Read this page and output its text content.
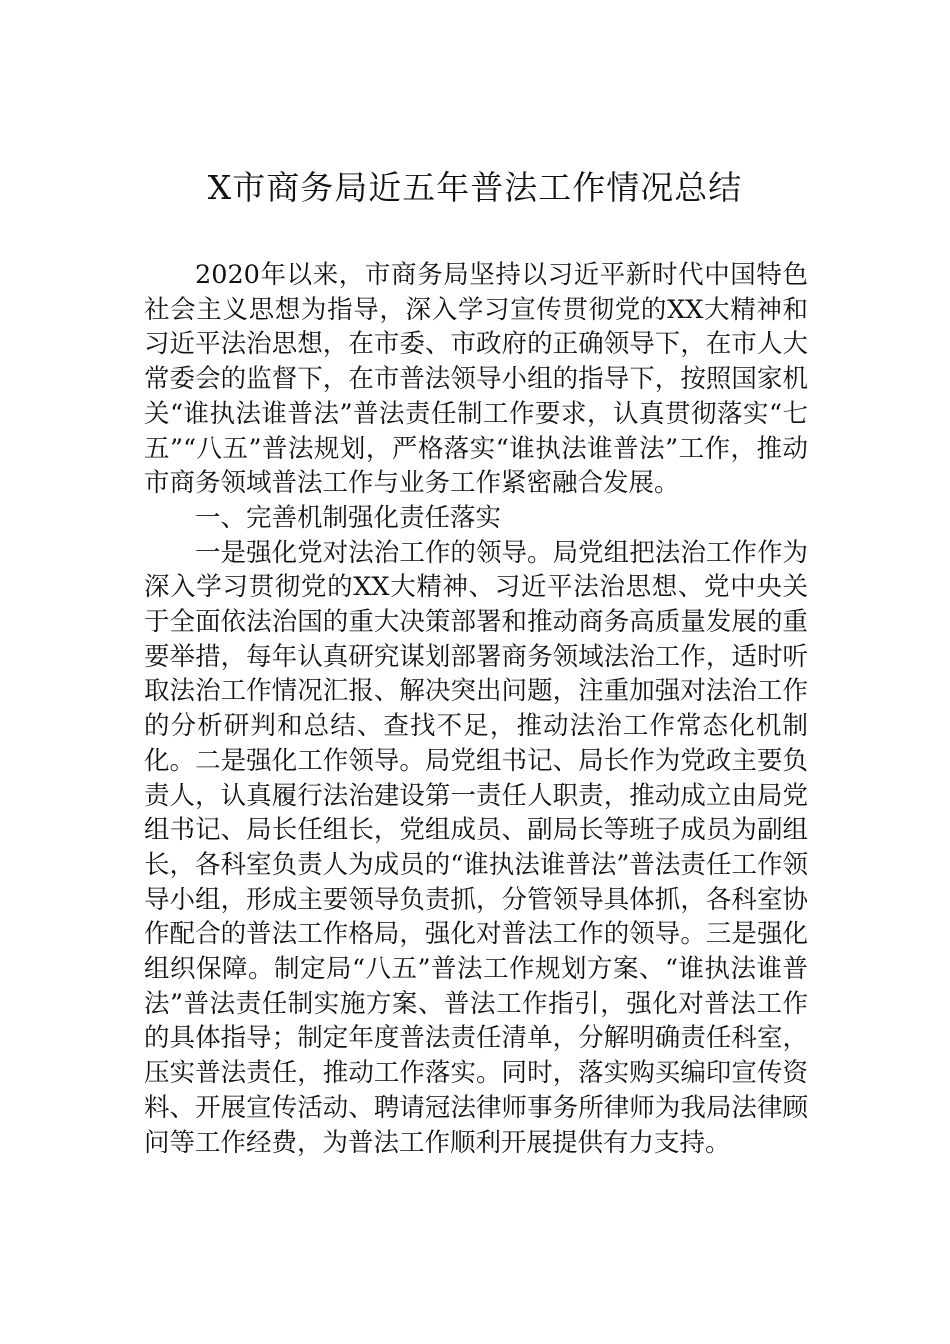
X市商务局近五年普法工作情况总结

2020年以来，市商务局坚持以习近平新时代中国特色社会主义思想为指导，深入学习宣传贯彻党的XX大精神和习近平法治思想，在市委、市政府的正确领导下，在市人大常委会的监督下，在市普法领导小组的指导下，按照国家机关“谁执法谁普法”普法责任制工作要求，认真贯彻落实“七五”“八五”普法规划，严格落实“谁执法谁普法”工作，推动市商务领域普法工作与业务工作紧密融合发展。

一、完善机制强化责任落实

一是强化党对法治工作的领导。局党组把法治工作作为深入学习贯彻党的XX大精神、习近平法治思想、党中央关于全面依法治国的重大决策部署和推动商务高质量发展的重要举措，每年认真研究谋划部署商务领域法治工作，适时听取法治工作情况汇报、解决突出问题，注重加强对法治工作的分析研判和总结、查找不足，推动法治工作常态化机制化。二是强化工作领导。局党组书记、局长作为党政主要负责人，认真履行法治建设第一责任人职责，推动成立由局党组书记、局长任组长，党组成员、副局长等班子成员为副组长，各科室负责人为成员的“谁执法谁普法”普法责任工作领导小组，形成主要领导负责抓，分管领导具体抓，各科室协作配合的普法工作格局，强化对普法工作的领导。三是强化组织保障。制定局“八五”普法工作规划方案、“谁执法谁普法”普法责任制实施方案、普法工作指引，强化对普法工作的具体指导；制定年度普法责任清单，分解明确责任科室，压实普法责任，推动工作落实。同时，落实购买编印宣传资料、开展宣传活动、聘请冠法律师事务所律师为我局法律顾问等工作经费，为普法工作顺利开展提供有力支持。
